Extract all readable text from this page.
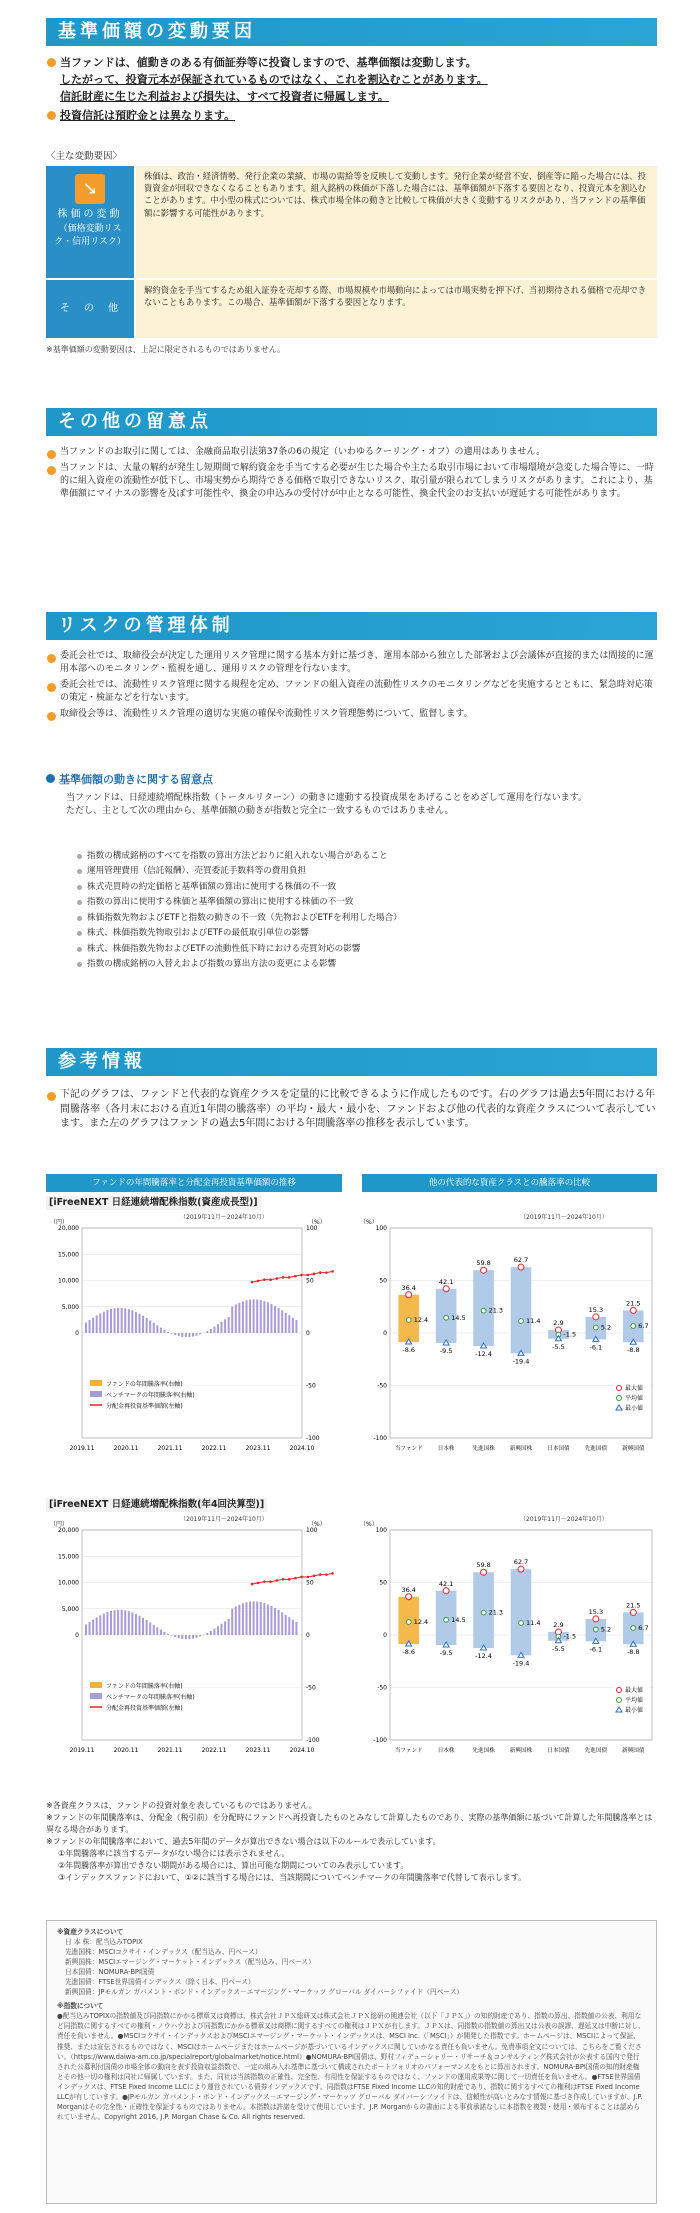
基準価額の変動要因
当ファンドは、値動きのある有価証券等に投資しますので、基準価額は変動します。
したがって、投資元本が保証されているものではなく、これを割込むことがあります。
信託財産に生じた利益および損失は、すべて投資者に帰属します。
投資信託は預貯金とは異なります。
〈主な変動要因〉
↘
株価の変動
（価格変動リスク・信用リスク）
株価は、政治・経済情勢、発行企業の業績、市場の需給等を反映して変動します。発行企業が経営不安、倒産等に陥った場合には、投資資金が回収できなくなることもあります。組入銘柄の株価が下落した場合には、基準価額が下落する要因となり、投資元本を割込むことがあります。中小型の株式については、株式市場全体の動きと比較して株価が大きく変動するリスクがあり、当ファンドの基準価額に影響する可能性があります。
そ　の　他
解約資金を手当てするため組入証券を売却する際、市場規模や市場動向によっては市場実勢を押下げ、当初期待される価格で売却できないこともあります。この場合、基準価額が下落する要因となります。
※基準価額の変動要因は、上記に限定されるものではありません。
その他の留意点
当ファンドのお取引に関しては、金融商品取引法第37条の6の規定（いわゆるクーリング・オフ）の適用はありません。
当ファンドは、大量の解約が発生し短期間で解約資金を手当てする必要が生じた場合や主たる取引市場において市場環境が急変した場合等に、一時的に組入資産の流動性が低下し、市場実勢から期待できる価格で取引できないリスク、取引量が限られてしまうリスクがあります。これにより、基準価額にマイナスの影響を及ぼす可能性や、換金の申込みの受付けが中止となる可能性、換金代金のお支払いが遅延する可能性があります。
リスクの管理体制
委託会社では、取締役会が決定した運用リスク管理に関する基本方針に基づき、運用本部から独立した部署および会議体が直接的または間接的に運用本部へのモニタリング・監視を通し、運用リスクの管理を行ないます。
委託会社では、流動性リスク管理に関する規程を定め、ファンドの組入資産の流動性リスクのモニタリングなどを実施するとともに、緊急時対応策の策定・検証などを行ないます。
取締役会等は、流動性リスク管理の適切な実施の確保や流動性リスク管理態勢について、監督します。
基準価額の動きに関する留意点
当ファンドは、日経連続増配株指数（トータルリターン）の動きに連動する投資成果をあげることをめざして運用を行ないます。
ただし、主として次の理由から、基準価額の動きが指数と完全に一致するものではありません。
指数の構成銘柄のすべてを指数の算出方法どおりに組入れない場合があること
運用管理費用（信託報酬）、売買委託手数料等の費用負担
株式売買時の約定価格と基準価額の算出に使用する株価の不一致
指数の算出に使用する株価と基準価額の算出に使用する株価の不一致
株価指数先物およびETFと指数の動きの不一致（先物およびETFを利用した場合）
株式、株価指数先物取引およびETFの最低取引単位の影響
株式、株価指数先物およびETFの流動性低下時における売買対応の影響
指数の構成銘柄の入替えおよび指数の算出方法の変更による影響
参考情報
下記のグラフは、ファンドと代表的な資産クラスを定量的に比較できるように作成したものです。右のグラフは過去5年間における年間騰落率（各月末における直近1年間の騰落率）の平均・最大・最小を、ファンドおよび他の代表的な資産クラスについて表示しています。また左のグラフはファンドの過去5年間における年間騰落率の推移を表示しています。
ファンドの年間騰落率と分配金再投資基準価額の推移	他の代表的な資産クラスとの騰落率の比較
[iFreeNEXT 日経連続増配株指数(資産成長型)]
（2019年11月～2024年10月）	（2019年11月～2024年10月）
（円）	（%）
20,000
15,000
10,000
5,000
0
100
50
0
-50
-100
2019.11	2020.11	2021.11	2022.11	2023.11	2024.10
ファンドの年間騰落率(右軸)
ベンチマークの年間騰落率(右軸)
分配金再投資基準価額(左軸)
（%）
100
50
0
-50
-100
36.4
12.4
-8.6
当ファンド
42.1
14.5
-9.5
日本株
59.8
21.3
-12.4
先進国株
62.7
11.4
-19.4
新興国株
2.9
-1.5
-5.5
日本国債
15.3
5.2
-6.1
先進国債
21.5
6.7
-8.8
新興国債
最大値
平均値
最小値
[iFreeNEXT 日経連続増配株指数(年4回決算型)]
（2019年11月～2024年10月）	（2019年11月～2024年10月）
（円）	（%）
20,000
15,000
10,000
5,000
0
100
50
0
-50
-100
2019.11	2020.11	2021.11	2022.11	2023.11	2024.10
ファンドの年間騰落率(右軸)
ベンチマークの年間騰落率(右軸)
分配金再投資基準価額(左軸)
（%）
100
50
0
-50
-100
36.4
12.4
-8.6
当ファンド
42.1
14.5
-9.5
日本株
59.8
21.3
-12.4
先進国株
62.7
11.4
-19.4
新興国株
2.9
-1.5
-5.5
日本国債
15.3
5.2
-6.1
先進国債
21.5
6.7
-8.8
新興国債
最大値
平均値
最小値
※各資産クラスは、ファンドの投資対象を表しているものではありません。
※ファンドの年間騰落率は、分配金（税引前）を分配時にファンドへ再投資したものとみなして計算したものであり、実際の基準価額に基づいて計算した年間騰落率とは異なる場合があります。
※ファンドの年間騰落率において、過去5年間のデータが算出できない場合は以下のルールで表示しています。
①年間騰落率に該当するデータがない場合には表示されません。
②年間騰落率が算出できない期間がある場合には、算出可能な期間についてのみ表示しています。
③インデックスファンドにおいて、①②に該当する場合には、当該期間についてベンチマークの年間騰落率で代替して表示します。
※資産クラスについて
日 本 株：配当込みTOPIX
先進国株：MSCIコクサイ・インデックス（配当込み、円ベース）
新興国株：MSCIエマージング・マーケット・インデックス（配当込み、円ベース）
日本国債：NOMURA-BPI国債
先進国債：FTSE世界国債インデックス（除く日本、円ベース）
新興国債：JPモルガン ガバメント・ボンド・インデックス－エマージング・マーケッツ グローバル ダイバーシファイド（円ベース）
※指数について
●配当込みTOPIXの指数値及び同指数にかかる標章又は商標は、株式会社ＪＰＸ総研又は株式会社ＪＰＸ総研の関連会社（以下「ＪＰＸ」）の知的財産であり、指数の算出、指数値の公表、利用など同指数に関するすべての権利・ノウハウおよび同指数にかかる標章又は商標に関するすべての権利はＪＰＸが有します。ＪＰＸは、同指数の指数値の算出又は公表の誤謬、遅延又は中断に対し、責任を負いません。●MSCIコクサイ・インデックスおよびMSCIエマージング・マーケット・インデックスは、MSCI Inc.（「MSCI」）が開発した指数です。ホームページは、MSCIによって保証、推奨、または宣伝されるものではなく、MSCIはホームページまたはホームページが基づいているインデックスに関していかなる責任も負いません。免責事項全文については、こちらをご覧ください。（https://www.daiwa-am.co.jp/specialreport/globalmarket/notice.html）●NOMURA-BPI国債は、野村フィデューシャリー・リサーチ＆コンサルティング株式会社が公表する国内で発行された公募利付国債の市場全体の動向を表す投資収益指数で、一定の組み入れ基準に基づいて構成されたポートフォリオのパフォーマンスをもとに算出されます。NOMURA-BPI国債の知的財産権とその他一切の権利は同社に帰属しています。また、同社は当該指数の正確性、完全性、有用性を保証するものではなく、ファンドの運用成果等に関して一切責任を負いません。●FTSE世界国債インデックスは、FTSE Fixed Income LLCにより運営されている債券インデックスです。同指数はFTSE Fixed Income LLCの知的財産であり、指数に関するすべての権利はFTSE Fixed Income LLCが有しています。●JPモルガン ガバメント・ボンド・インデックス－エマージング・マーケッツ グローバル ダイバーシファイドは、信頼性が高いとみなす情報に基づき作成していますが、J.P. Morganはその完全性・正確性を保証するものではありません。本指数は許諾を受けて使用しています。J.P. Morganからの書面による事前承諾なしに本指数を複製・使用・頒布することは認められていません。Copyright 2016, J.P. Morgan Chase & Co. All rights reserved.
